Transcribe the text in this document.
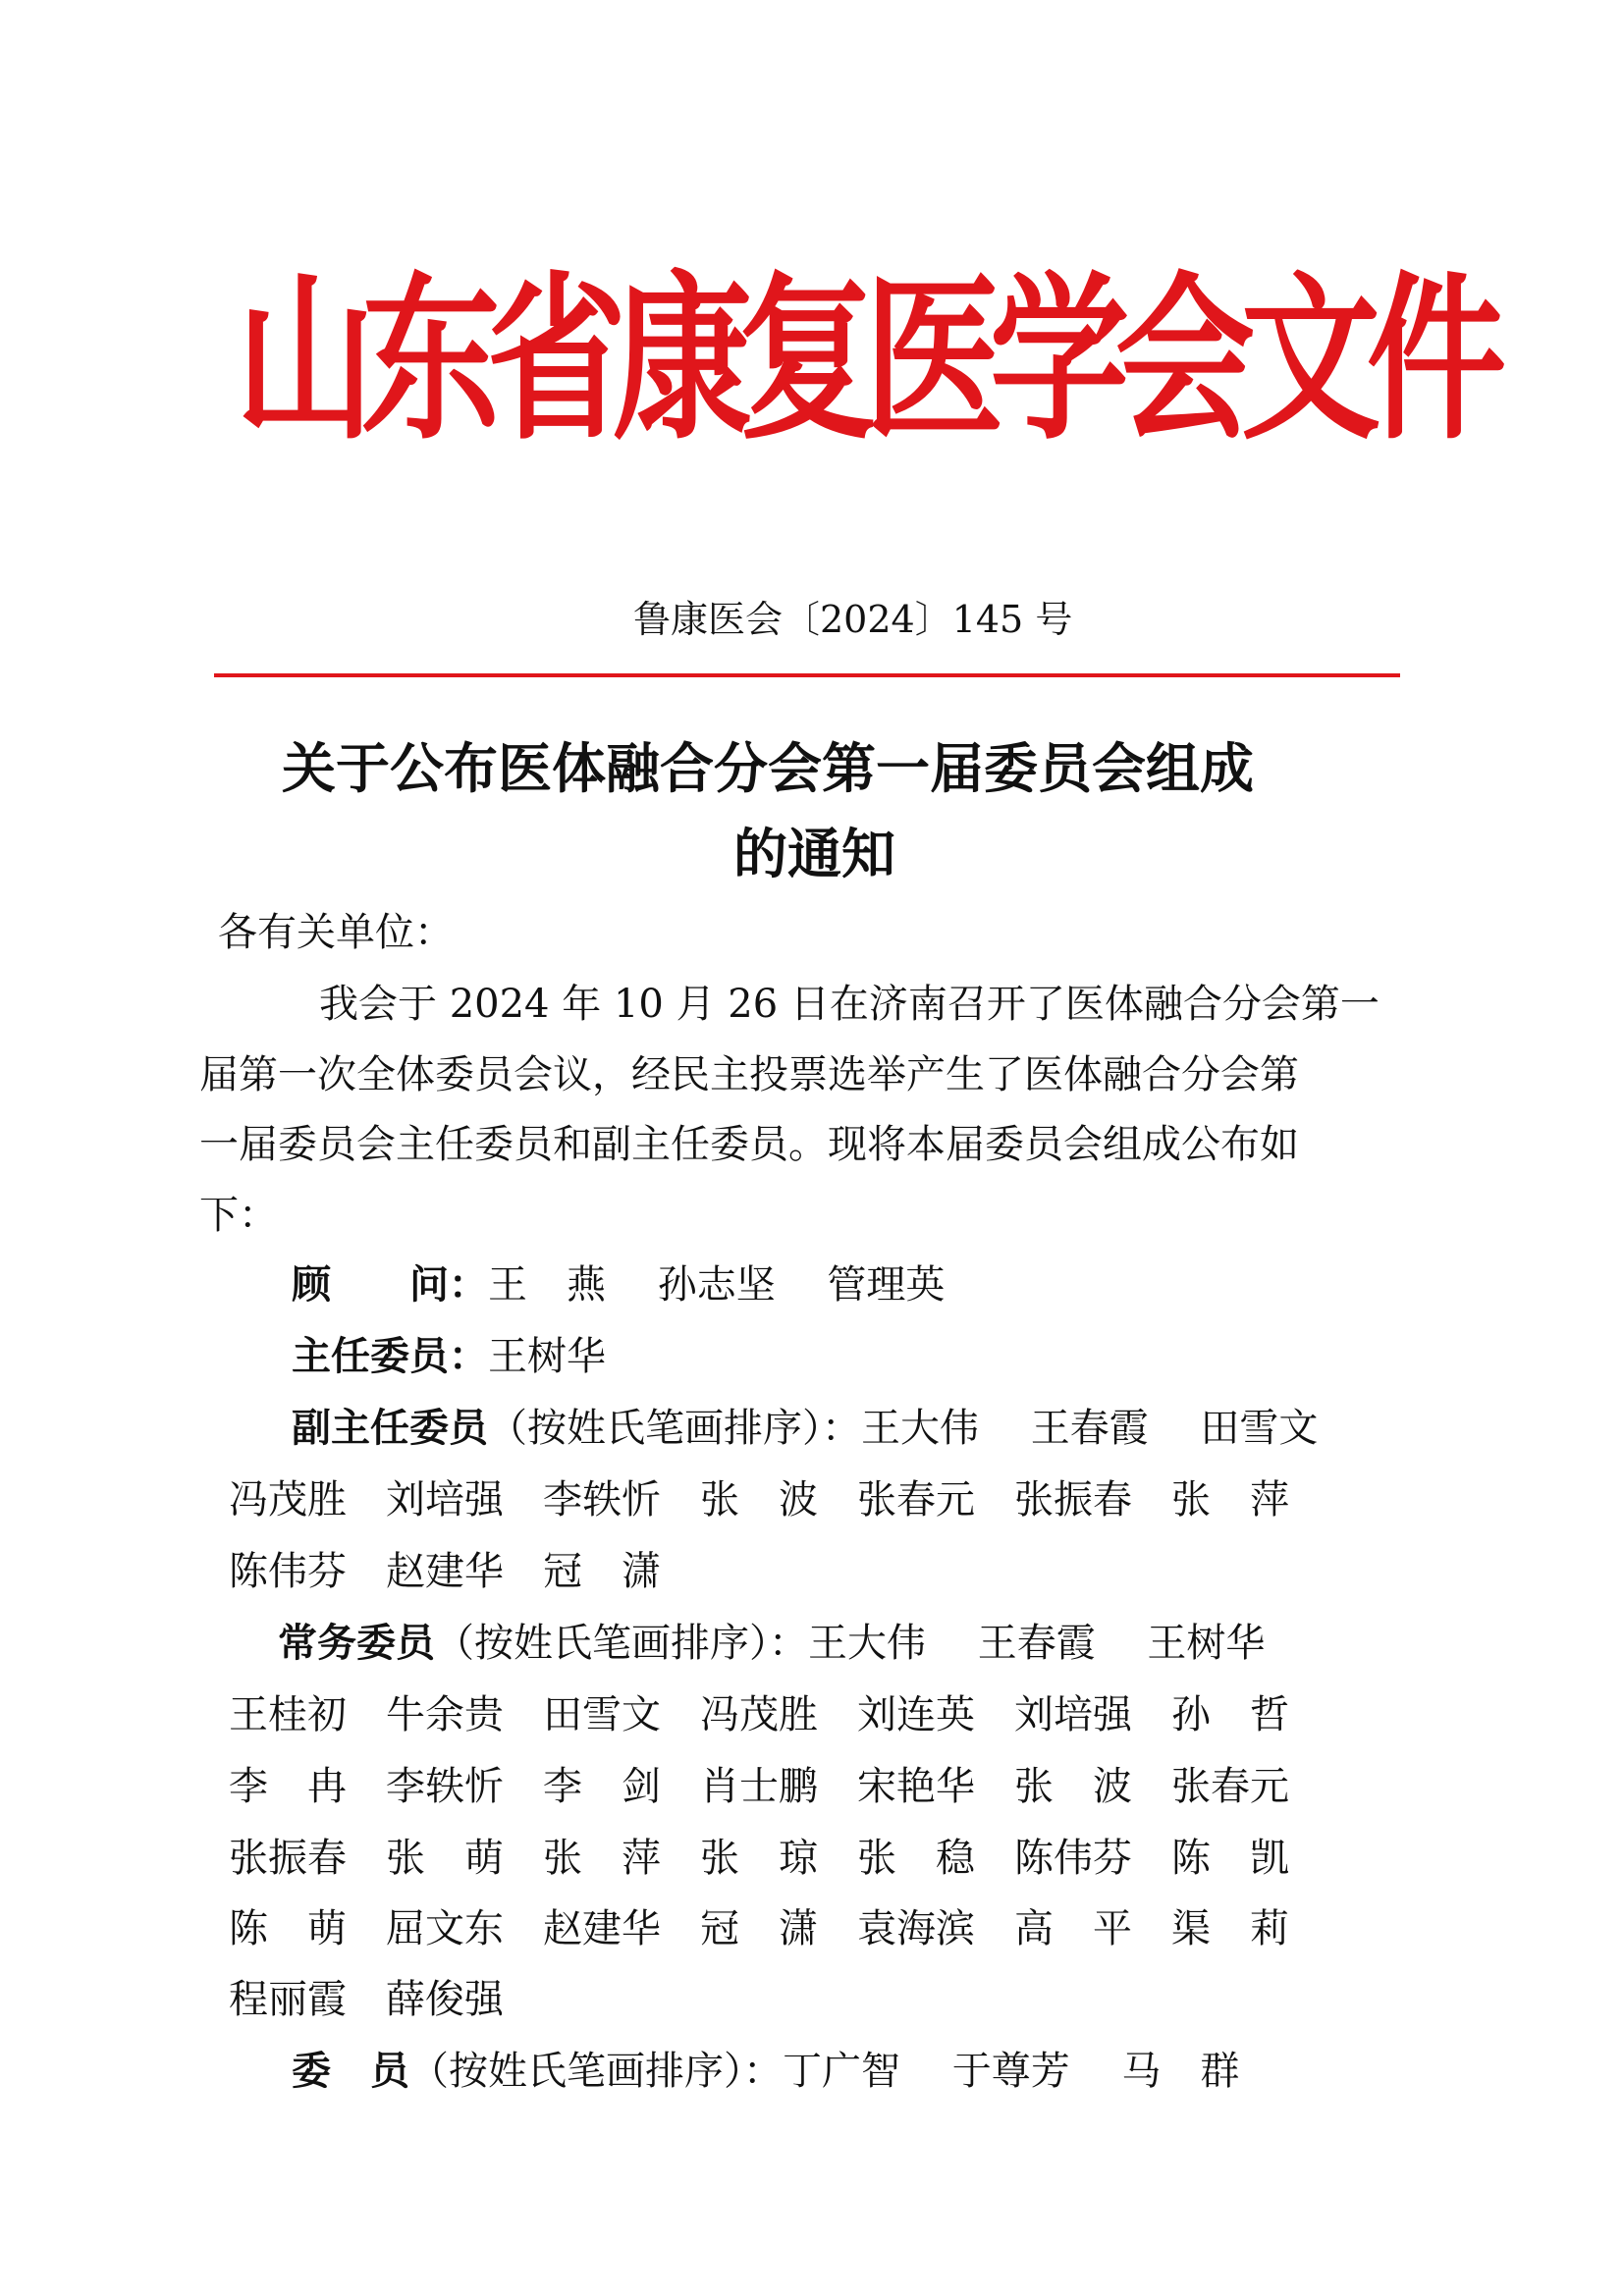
山东省康复医学会文件
鲁康医会〔2024〕145 号
关于公布医体融合分会第一届委员会组成
的通知
各有关单位：
我会于 2024 年 10 月 26 日在济南召开了医体融合分会第一
届第一次全体委员会议，经民主投票选举产生了医体融合分会第
一届委员会主任委员和副主任委员。现将本届委员会组成公布如
下：
顾　　问：王　燕　 孙志坚　 管理英
主任委员：王树华
副主任委员（按姓氏笔画排序）：王大伟　 王春霞　 田雪文
冯茂胜　刘培强　李轶忻　张　波　张春元　张振春　张　萍
陈伟芬　赵建华　冠　潇
常务委员（按姓氏笔画排序）：王大伟　 王春霞　 王树华
王桂初　牛余贵　田雪文　冯茂胜　刘连英　刘培强　孙　哲
李　冉　李轶忻　李　剑　肖士鹏　宋艳华　张　波　张春元
张振春　张　萌　张　萍　张　琼　张　稳　陈伟芬　陈　凯
陈　萌　屈文东　赵建华　冠　潇　袁海滨　高　平　渠　莉
程丽霞　薛俊强
委　员（按姓氏笔画排序）：丁广智　 于尊芳　 马　群
